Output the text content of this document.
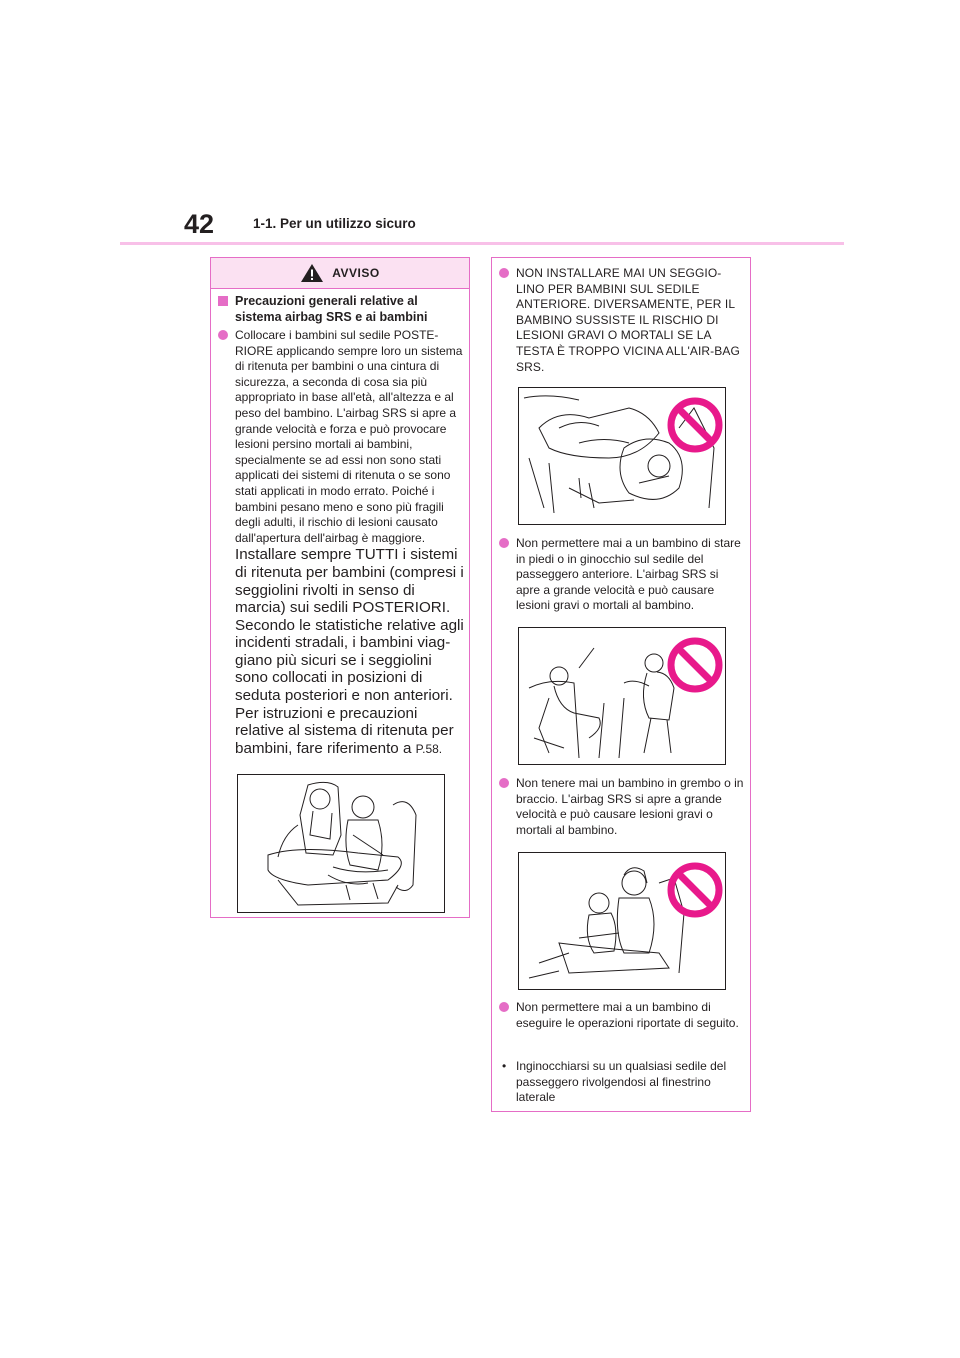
42	1-1. Per un utilizzo sicuro
AVVISO
Precauzioni generali relative al sistema airbag SRS e ai bambini
Collocare i bambini sul sedile POSTE-RIORE applicando sempre loro un sistema di ritenuta per bambini o una cintura di sicurezza, a seconda di cosa sia più appropriato in base all'età, all'altezza e al peso del bambino. L'airbag SRS si apre a grande velocità e forza e può provocare lesioni persino mortali ai bambini, specialmente se ad essi non sono stati applicati dei sistemi di ritenuta o se sono stati applicati in modo errato. Poiché i bambini pesano meno e sono più fragili degli adulti, il rischio di lesioni causato dall'apertura dell'airbag è maggiore.
Installare sempre TUTTI i sistemi di ritenuta per bambini (compresi i seggiolini rivolti in senso di marcia) sui sedili POSTERIORI.
Secondo le statistiche relative agli incidenti stradali, i bambini viag-giano più sicuri se i seggiolini sono collocati in posizioni di seduta posteriori e non anteriori.
Per istruzioni e precauzioni relative al sistema di ritenuta per bambini, fare riferimento a P.58.
NON INSTALLARE MAI UN SEGGIO-LINO PER BAMBINI SUL SEDILE ANTERIORE. DIVERSAMENTE, PER IL BAMBINO SUSSISTE IL RISCHIO DI LESIONI GRAVI O MORTALI SE LA TESTA È TROPPO VICINA ALL'AIR-BAG SRS.
Non permettere mai a un bambino di stare in piedi o in ginocchio sul sedile del passeggero anteriore. L'airbag SRS si apre a grande velocità e può causare lesioni gravi o mortali al bambino.
Non tenere mai un bambino in grembo o in braccio. L'airbag SRS si apre a grande velocità e può causare lesioni gravi o mortali al bambino.
Non permettere mai a un bambino di eseguire le operazioni riportate di seguito.
• Inginocchiarsi su un qualsiasi sedile del passeggero rivolgendosi al finestrino laterale
